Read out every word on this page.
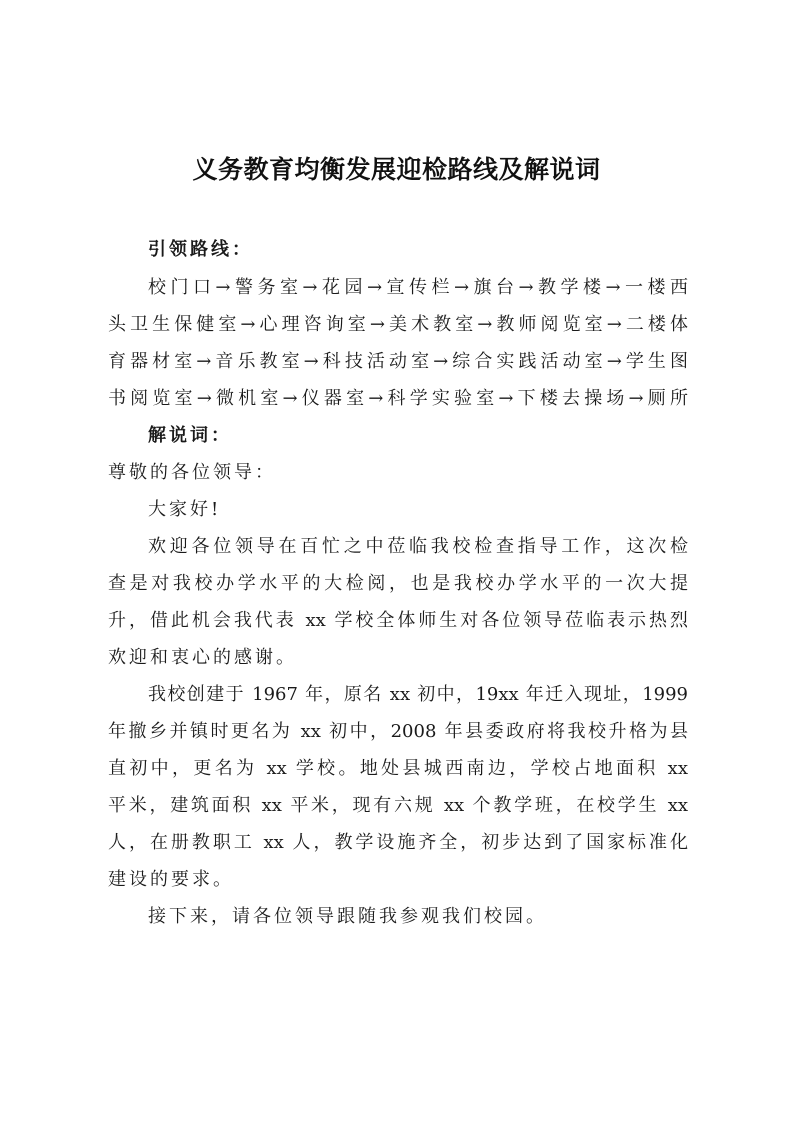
义务教育均衡发展迎检路线及解说词
引领路线：
校门口→警务室→花园→宣传栏→旗台→教学楼→一楼西
头卫生保健室→心理咨询室→美术教室→教师阅览室→二楼体
育器材室→音乐教室→科技活动室→综合实践活动室→学生图
书阅览室→微机室→仪器室→科学实验室→下楼去操场→厕所
解说词：
尊敬的各位领导：
大家好!
欢迎各位领导在百忙之中莅临我校检查指导工作，这次检
查是对我校办学水平的大检阅，也是我校办学水平的一次大提
升，借此机会我代表 xx 学校全体师生对各位领导莅临表示热烈
欢迎和衷心的感谢。
我校创建于 1967 年，原名 xx 初中，19xx 年迁入现址，1999
年撤乡并镇时更名为 xx 初中，2008 年县委政府将我校升格为县
直初中，更名为 xx 学校。地处县城西南边，学校占地面积 xx
平米，建筑面积 xx 平米，现有六规 xx 个教学班，在校学生 xx
人，在册教职工 xx 人，教学设施齐全，初步达到了国家标准化
建设的要求。
接下来，请各位领导跟随我参观我们校园。
